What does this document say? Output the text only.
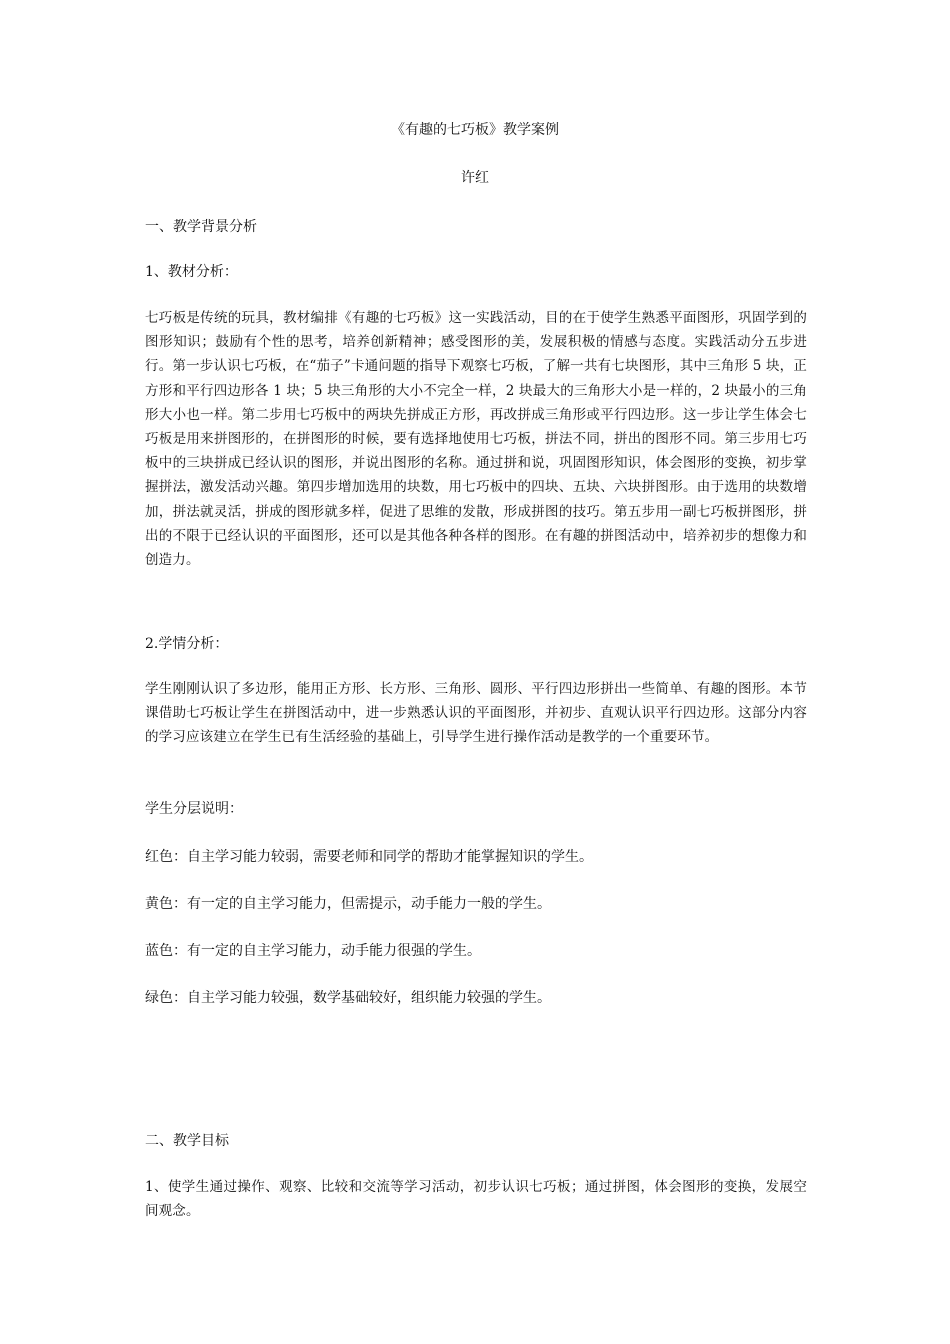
《有趣的七巧板》教学案例
许红

一、教学背景分析

1、教材分析：

七巧板是传统的玩具，教材编排《有趣的七巧板》这一实践活动，目的在于使学生熟悉平面图形，巩固学到的图形知识；鼓励有个性的思考，培养创新精神；感受图形的美，发展积极的情感与态度。实践活动分五步进行。第一步认识七巧板，在“茄子”卡通问题的指导下观察七巧板，了解一共有七块图形，其中三角形 5 块，正方形和平行四边形各 1 块；5 块三角形的大小不完全一样，2 块最大的三角形大小是一样的，2 块最小的三角形大小也一样。第二步用七巧板中的两块先拼成正方形，再改拼成三角形或平行四边形。这一步让学生体会七巧板是用来拼图形的，在拼图形的时候，要有选择地使用七巧板，拼法不同，拼出的图形不同。第三步用七巧板中的三块拼成已经认识的图形，并说出图形的名称。通过拼和说，巩固图形知识，体会图形的变换，初步掌握拼法，激发活动兴趣。第四步增加选用的块数，用七巧板中的四块、五块、六块拼图形。由于选用的块数增加，拼法就灵活，拼成的图形就多样，促进了思维的发散，形成拼图的技巧。第五步用一副七巧板拼图形，拼出的不限于已经认识的平面图形，还可以是其他各种各样的图形。在有趣的拼图活动中，培养初步的想像力和创造力。

2.学情分析：

学生刚刚认识了多边形，能用正方形、长方形、三角形、圆形、平行四边形拼出一些简单、有趣的图形。本节课借助七巧板让学生在拼图活动中，进一步熟悉认识的平面图形，并初步、直观认识平行四边形。这部分内容的学习应该建立在学生已有生活经验的基础上，引导学生进行操作活动是教学的一个重要环节。

学生分层说明：

红色：自主学习能力较弱，需要老师和同学的帮助才能掌握知识的学生。

黄色：有一定的自主学习能力，但需提示，动手能力一般的学生。

蓝色：有一定的自主学习能力，动手能力很强的学生。

绿色：自主学习能力较强，数学基础较好，组织能力较强的学生。

二、教学目标

1、使学生通过操作、观察、比较和交流等学习活动，初步认识七巧板；通过拼图，体会图形的变换，发展空间观念。
